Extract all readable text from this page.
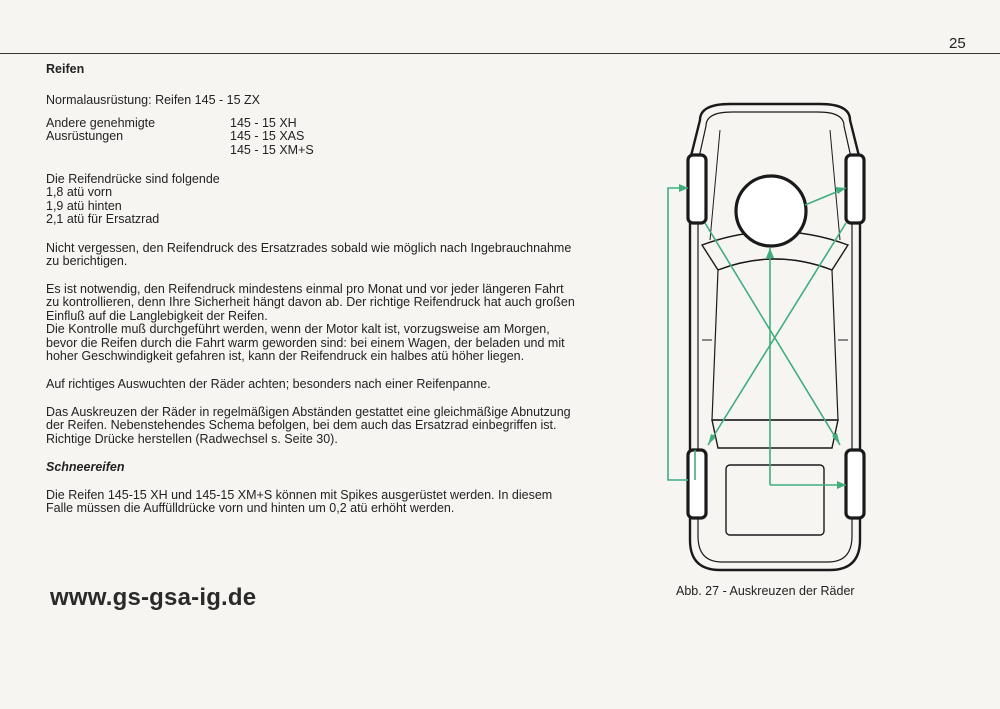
25
Reifen
Normalausrüstung: Reifen 145 - 15 ZX
Andere genehmigte
Ausrüstungen
145 - 15 XH
145 - 15 XAS
145 - 15 XM+S
Die Reifendrücke sind folgende
1,8 atü vorn
1,9 atü hinten
2,1 atü für Ersatzrad
Nicht vergessen, den Reifendruck des Ersatzrades sobald wie möglich nach Ingebrauchnahme
zu berichtigen.
Es ist notwendig, den Reifendruck mindestens einmal pro Monat und vor jeder längeren Fahrt
zu kontrollieren, denn Ihre Sicherheit hängt davon ab. Der richtige Reifendruck hat auch großen
Einfluß auf die Langlebigkeit der Reifen.
Die Kontrolle muß durchgeführt werden, wenn der Motor kalt ist, vorzugsweise am Morgen,
bevor die Reifen durch die Fahrt warm geworden sind: bei einem Wagen, der beladen und mit
hoher Geschwindigkeit gefahren ist, kann der Reifendruck ein halbes atü höher liegen.
Auf richtiges Auswuchten der Räder achten; besonders nach einer Reifenpanne.
Das Auskreuzen der Räder in regelmäßigen Abständen gestattet eine gleichmäßige Abnutzung
der Reifen. Nebenstehendes Schema befolgen, bei dem auch das Ersatzrad einbegriffen ist.
Richtige Drücke herstellen (Radwechsel s. Seite 30).
Schneereifen
Die Reifen 145-15 XH und 145-15 XM+S können mit Spikes ausgerüstet werden. In diesem
Falle müssen die Auffülldrücke vorn und hinten um 0,2 atü erhöht werden.
www.gs-gsa-ig.de	Abb. 27 - Auskreuzen der Räder
